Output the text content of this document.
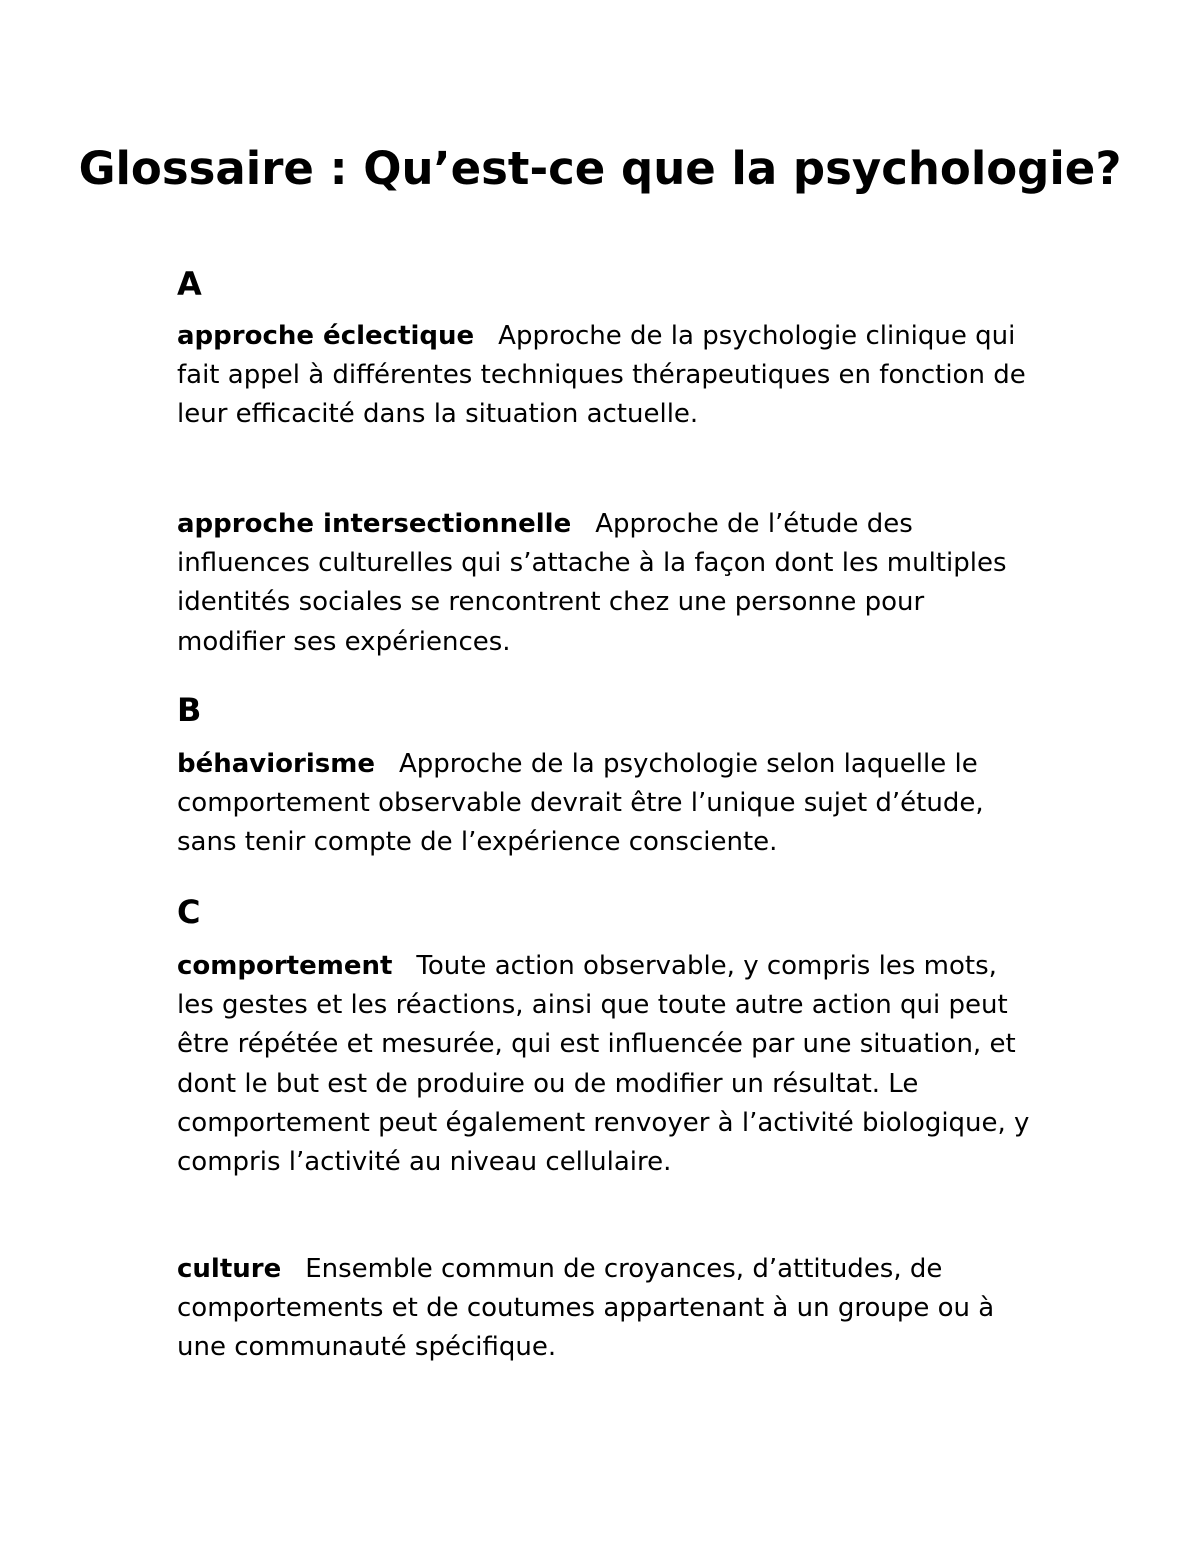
Glossaire : Qu’est-ce que la psychologie?
A

approche éclectique Approche de la psychologie clinique qui fait appel à différentes techniques thérapeutiques en fonction de leur efficacité dans la situation actuelle.

approche intersectionnelle Approche de l’étude des influences culturelles qui s’attache à la façon dont les multiples identités sociales se rencontrent chez une personne pour modifier ses expériences.

B

béhaviorisme Approche de la psychologie selon laquelle le comportement observable devrait être l’unique sujet d’étude, sans tenir compte de l’expérience consciente.

C

comportement Toute action observable, y compris les mots, les gestes et les réactions, ainsi que toute autre action qui peut être répétée et mesurée, qui est influencée par une situation, et dont le but est de produire ou de modifier un résultat. Le comportement peut également renvoyer à l’activité biologique, y compris l’activité au niveau cellulaire.

culture Ensemble commun de croyances, d’attitudes, de comportements et de coutumes appartenant à un groupe ou à une communauté spécifique.
